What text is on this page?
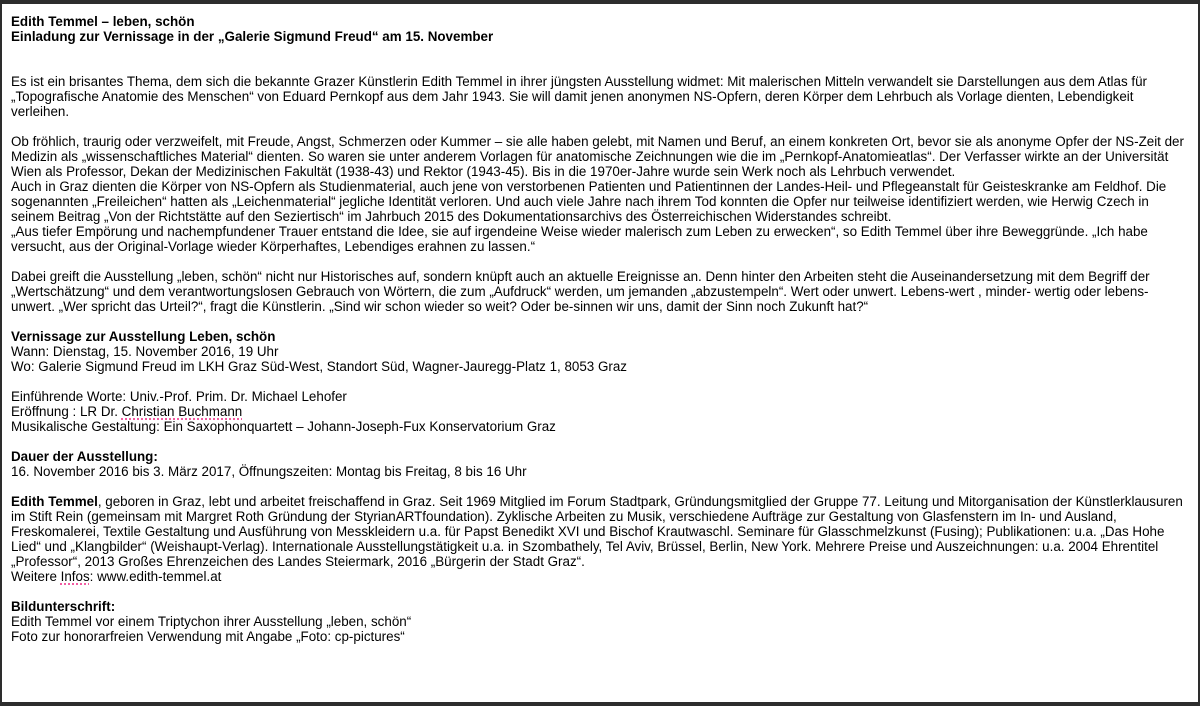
Edith Temmel – leben, schön
Einladung zur Vernissage in der „Galerie Sigmund Freud“ am 15. November
Es ist ein brisantes Thema, dem sich die bekannte Grazer Künstlerin Edith Temmel in ihrer jüngsten Ausstellung widmet: Mit malerischen Mitteln verwandelt sie Darstellungen aus dem Atlas für „Topografische Anatomie des Menschen“ von Eduard Pernkopf aus dem Jahr 1943. Sie will damit jenen anonymen NS-Opfern, deren Körper dem Lehrbuch als Vorlage dienten, Lebendigkeit verleihen.
Ob fröhlich, traurig oder verzweifelt, mit Freude, Angst, Schmerzen oder Kummer – sie alle haben gelebt, mit Namen und Beruf, an einem konkreten Ort, bevor sie als anonyme Opfer der NS-Zeit der Medizin als „wissenschaftliches Material“ dienten. So waren sie unter anderem Vorlagen für anatomische Zeichnungen wie die im „Pernkopf-Anatomieatlas“. Der Verfasser wirkte an der Universität Wien als Professor, Dekan der Medizinischen Fakultät (1938-43) und Rektor (1943-45). Bis in die 1970er-Jahre wurde sein Werk noch als Lehrbuch verwendet.
Auch in Graz dienten die Körper von NS-Opfern als Studienmaterial, auch jene von verstorbenen Patienten und Patientinnen der Landes-Heil- und Pflegeanstalt für Geisteskranke am Feldhof. Die sogenannten „Freileichen“ hatten als „Leichenmaterial“ jegliche Identität verloren. Und auch viele Jahre nach ihrem Tod konnten die Opfer nur teilweise identifiziert werden, wie Herwig Czech in seinem Beitrag „Von der Richtstätte auf den Seziertisch“ im Jahrbuch 2015 des Dokumentationsarchivs des Österreichischen Widerstandes schreibt.
„Aus tiefer Empörung und nachempfundener Trauer entstand die Idee, sie auf irgendeine Weise wieder malerisch zum Leben zu erwecken“, so Edith Temmel über ihre Beweggründe. „Ich habe versucht, aus der Original-Vorlage wieder Körperhaftes, Lebendiges erahnen zu lassen.“
Dabei greift die Ausstellung „leben, schön“ nicht nur Historisches auf, sondern knüpft auch an aktuelle Ereignisse an. Denn hinter den Arbeiten steht die Auseinandersetzung mit dem Begriff der „Wertschätzung“ und dem verantwortungslosen Gebrauch von Wörtern, die zum „Aufdruck“ werden, um jemanden „abzustempeln“. Wert oder unwert. Lebens-wert , minder- wertig oder lebens-unwert. „Wer spricht das Urteil?“, fragt die Künstlerin. „Sind wir schon wieder so weit? Oder be-sinnen wir uns, damit der Sinn noch Zukunft hat?“
Vernissage zur Ausstellung Leben, schön
Wann: Dienstag, 15. November 2016, 19 Uhr
Wo: Galerie Sigmund Freud im LKH Graz Süd-West, Standort Süd, Wagner-Jauregg-Platz 1, 8053 Graz
Einführende Worte: Univ.-Prof. Prim. Dr. Michael Lehofer
Eröffnung : LR Dr. Christian Buchmann
Musikalische Gestaltung: Ein Saxophonquartett – Johann-Joseph-Fux Konservatorium Graz
Dauer der Ausstellung:
16. November 2016 bis 3. März 2017, Öffnungszeiten: Montag bis Freitag, 8 bis 16 Uhr
Edith Temmel, geboren in Graz, lebt und arbeitet freischaffend in Graz. Seit 1969 Mitglied im Forum Stadtpark, Gründungsmitglied der Gruppe 77. Leitung und Mitorganisation der Künstlerklausuren im Stift Rein (gemeinsam mit Margret Roth Gründung der StyrianARTfoundation). Zyklische Arbeiten zu Musik, verschiedene Aufträge zur Gestaltung von Glasfenstern im In- und Ausland, Freskomalerei, Textile Gestaltung und Ausführung von Messkleidern u.a. für Papst Benedikt XVI und Bischof Krautwaschl. Seminare für Glasschmelzkunst (Fusing); Publikationen: u.a. „Das Hohe Lied“ und „Klangbilder“ (Weishaupt-Verlag). Internationale Ausstellungstätigkeit u.a. in Szombathely, Tel Aviv, Brüssel, Berlin, New York. Mehrere Preise und Auszeichnungen: u.a. 2004 Ehrentitel „Professor“, 2013 Großes Ehrenzeichen des Landes Steiermark, 2016 „Bürgerin der Stadt Graz“.
Weitere Infos: www.edith-temmel.at
Bildunterschrift:
Edith Temmel vor einem Triptychon ihrer Ausstellung „leben, schön“
Foto zur honorarfreien Verwendung mit Angabe „Foto: cp-pictures“
